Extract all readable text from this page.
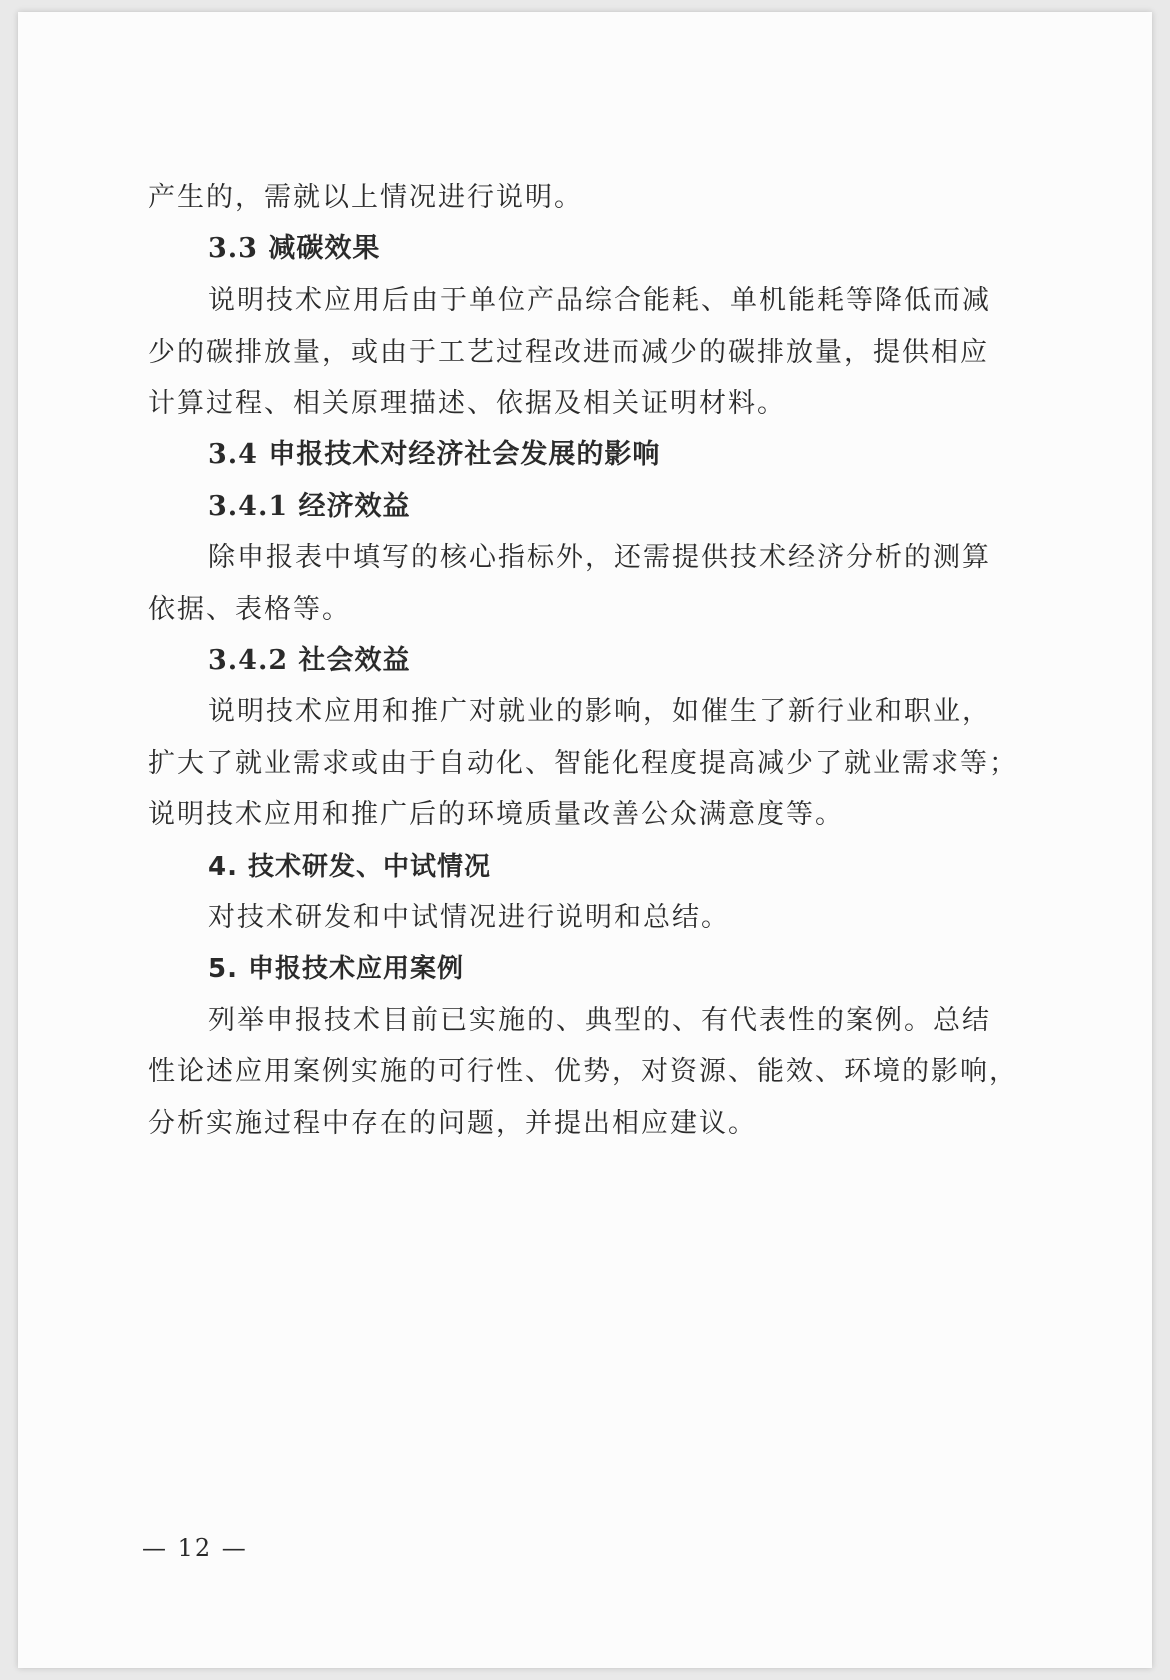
产生的，需就以上情况进行说明。
3.3 减碳效果
说明技术应用后由于单位产品综合能耗、单机能耗等降低而减
少的碳排放量，或由于工艺过程改进而减少的碳排放量，提供相应
计算过程、相关原理描述、依据及相关证明材料。
3.4 申报技术对经济社会发展的影响
3.4.1 经济效益
除申报表中填写的核心指标外，还需提供技术经济分析的测算
依据、表格等。
3.4.2 社会效益
说明技术应用和推广对就业的影响，如催生了新行业和职业，
扩大了就业需求或由于自动化、智能化程度提高减少了就业需求等；
说明技术应用和推广后的环境质量改善公众满意度等。
4. 技术研发、中试情况
对技术研发和中试情况进行说明和总结。
5. 申报技术应用案例
列举申报技术目前已实施的、典型的、有代表性的案例。总结
性论述应用案例实施的可行性、优势，对资源、能效、环境的影响，
分析实施过程中存在的问题，并提出相应建议。
— 12 —
